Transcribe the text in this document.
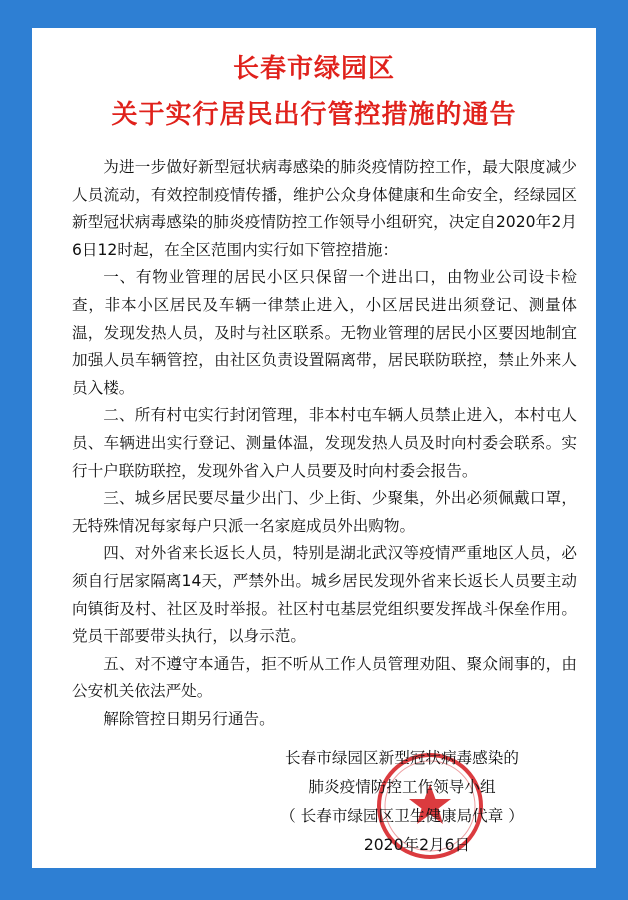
长春市绿园区
关于实行居民出行管控措施的通告

为进一步做好新型冠状病毒感染的肺炎疫情防控工作，最大限度减少人员流动，有效控制疫情传播，维护公众身体健康和生命安全，经绿园区新型冠状病毒感染的肺炎疫情防控工作领导小组研究，决定自2020年2月6日12时起，在全区范围内实行如下管控措施：

一、有物业管理的居民小区只保留一个进出口，由物业公司设卡检查，非本小区居民及车辆一律禁止进入，小区居民进出须登记、测量体温，发现发热人员，及时与社区联系。无物业管理的居民小区要因地制宜加强人员车辆管控，由社区负责设置隔离带，居民联防联控，禁止外来人员入楼。

二、所有村屯实行封闭管理，非本村屯车辆人员禁止进入，本村屯人员、车辆进出实行登记、测量体温，发现发热人员及时向村委会联系。实行十户联防联控，发现外省入户人员要及时向村委会报告。

三、城乡居民要尽量少出门、少上街、少聚集，外出必须佩戴口罩，无特殊情况每家每户只派一名家庭成员外出购物。

四、对外省来长返长人员，特别是湖北武汉等疫情严重地区人员，必须自行居家隔离14天，严禁外出。城乡居民发现外省来长返长人员要主动向镇街及村、社区及时举报。社区村屯基层党组织要发挥战斗保垒作用。党员干部要带头执行，以身示范。

五、对不遵守本通告，拒不听从工作人员管理劝阻、聚众闹事的，由公安机关依法严处。

解除管控日期另行通告。

长春市绿园区新型冠状病毒感染的
肺炎疫情防控工作领导小组
（ 长春市绿园区卫生健康局代章 ）
2020年2月6日
